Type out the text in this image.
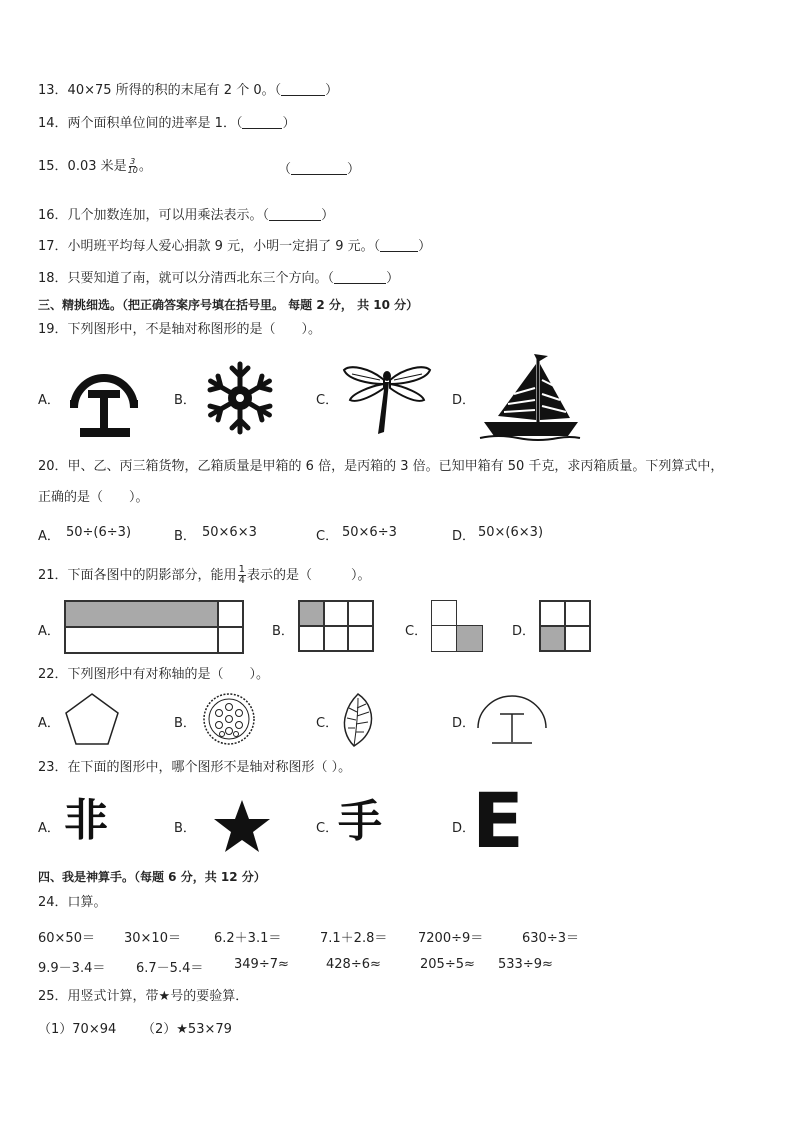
13．40×75 所得的积的末尾有 2 个 0。（	）
14．两个面积单位间的进率是 1．（	）
15．0.03 米是 $\frac{3}{10}$ 。	（	）
16．几个加数连加，可以用乘法表示。（	）
17．小明班平均每人爱心捐款 9 元，小明一定捐了 9 元。（	）
18．只要知道了南，就可以分清西北东三个方向。（	）
三、精挑细选。（把正确答案序号填在括号里。 每题 2 分， 共 10 分）
19．下列图形中，不是轴对称图形的是（　　）。
A．	B．	C．	D．
20．甲、乙、丙三箱货物，乙箱质量是甲箱的 6 倍，是丙箱的 3 倍。已知甲箱有 50 千克，求丙箱质量。下列算式中，
正确的是（　　）。
A． 50÷(6÷3)	B． 50×6×3	C． 50×6÷3	D． 50×(6×3)
21．下面各图中的阴影部分，能用 $\frac{1}{4}$ 表示的是（　　　）。
A．	B．	C．	D．
22．下列图形中有对称轴的是（　　）。
A．	B．	C．	D．
23．在下面的图形中，哪个图形不是轴对称图形（ ）。
A． 非	B．	C． 手	D．
E
四、我是神算手。（每题 6 分，共 12 分）
24．口算。
60×50＝ 30×10＝	6.2＋3.1＝	7.1＋2.8＝ 7200÷9＝	630÷3＝
9.9－3.4＝ 6.7－5.4＝ 349÷7≈	428÷6≈	205÷5≈ 533÷9≈
25．用竖式计算，带★号的要验算．
（1）70×94 （2）★53×79
